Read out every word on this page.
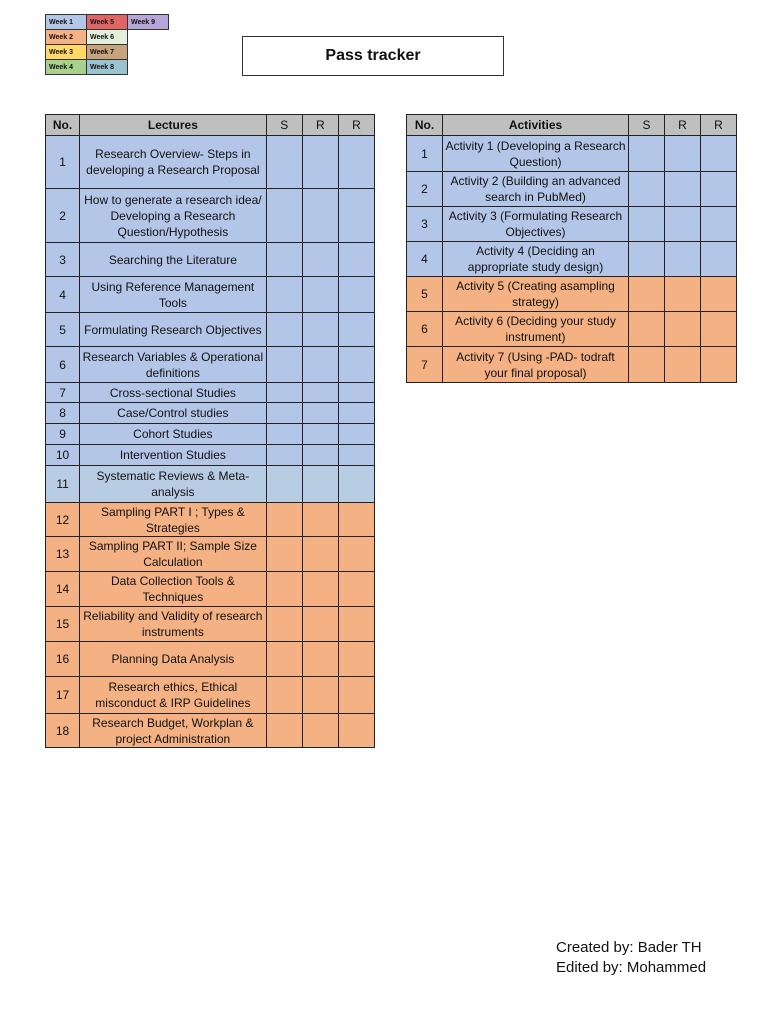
Week 1	Week 5	Week 9
Week 2	Week 6	
Week 3	Week 7	
Week 4	Week 8	
Pass tracker
No.	Lectures	S	R	R
1	Research Overview- Steps in developing a Research Proposal			
2	How to generate a research idea/ Developing a Research Question/Hypothesis			
3	Searching the Literature			
4	Using Reference Management Tools			
5	Formulating Research Objectives			
6	Research Variables & Operational definitions			
7	Cross-sectional Studies			
8	Case/Control studies			
9	Cohort Studies			
10	Intervention Studies			
11	Systematic Reviews & Meta-analysis			
12	Sampling PART I ; Types & Strategies			
13	Sampling PART II; Sample Size Calculation			
14	Data Collection Tools & Techniques			
15	Reliability and Validity of research instruments			
16	Planning Data Analysis			
17	Research ethics, Ethical misconduct & IRP Guidelines			
18	Research Budget, Workplan & project Administration			
No.	Activities	S	R	R
1	Activity 1 (Developing a Research Question)			
2	Activity 2 (Building an advanced search in PubMed)			
3	Activity 3 (Formulating Research Objectives)			
4	Activity 4 (Deciding an appropriate study design)			
5	Activity 5 (Creating asampling strategy)			
6	Activity 6 (Deciding your study instrument)			
7	Activity 7 (Using -PAD- todraft your final proposal)			
Created by: Bader TH
Edited by: Mohammed
